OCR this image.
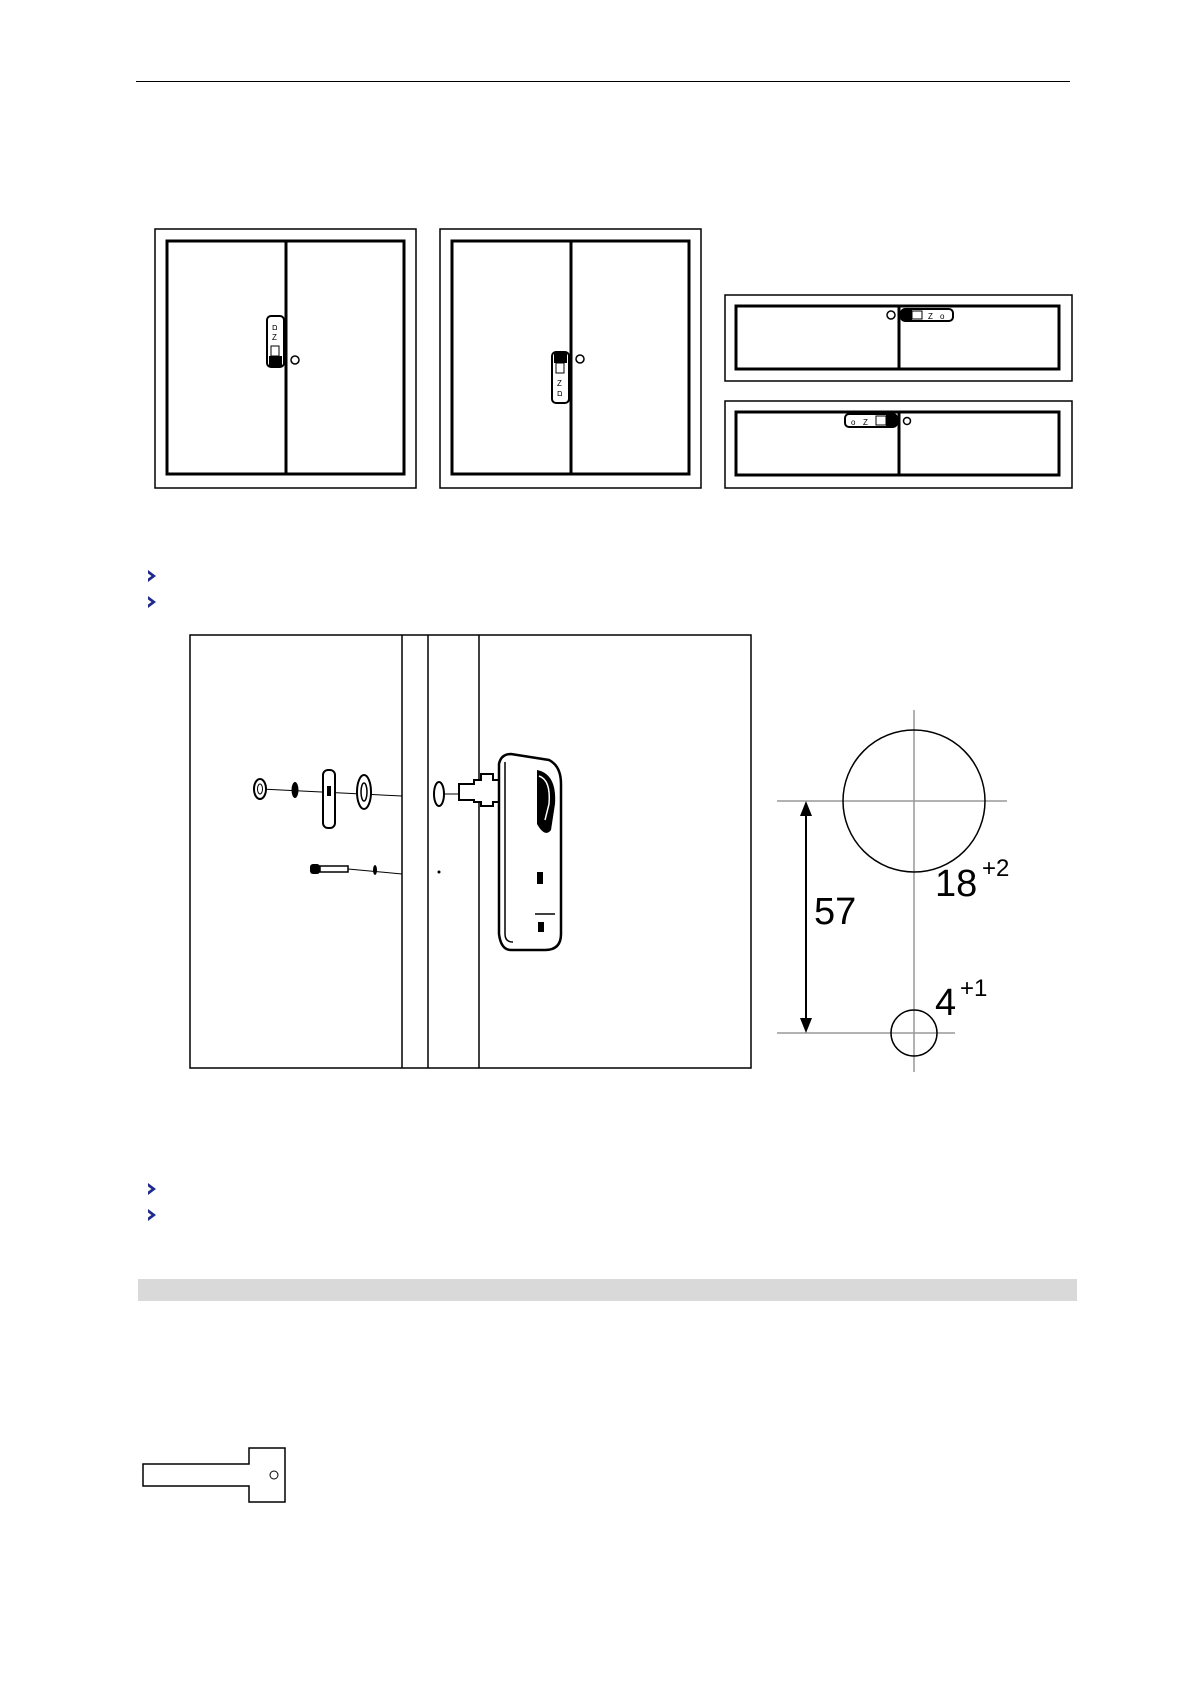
ם
Z
Z
ם
Z o
o Z
57
18 +2
4 +1
